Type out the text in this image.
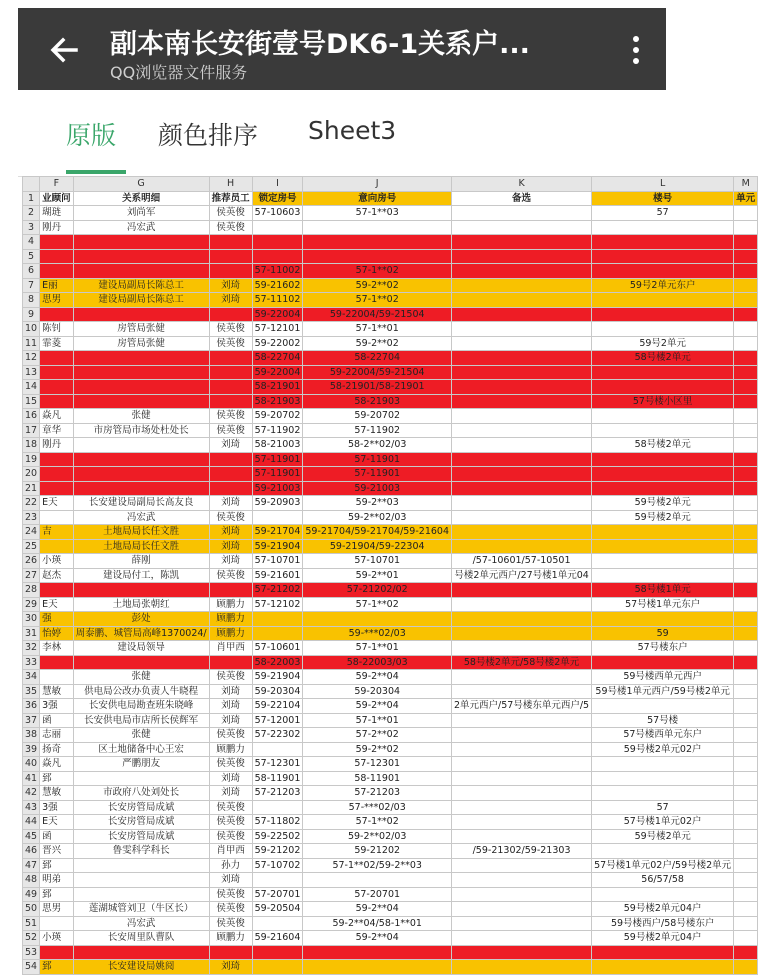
副本南长安街壹号DK6-1关系户...
QQ浏览器文件服务
原版 颜色排序 Sheet3
	F	G	H	I	J	K	L	M
1	业顾问	关系明细	推荐员工	锁定房号	意向房号	备选	楼号	单元
2	瑚琏	刘尚军	侯英俊	57-10603	57-1**03		57	
3	刚丹	冯宏武	侯英俊					
4								
5								
6				57-11002	57-1**02			
7	E丽	建设局副局长陈总工	刘琦	59-21602	59-2**02		59号2单元东户	
8	思男	建设局副局长陈总工	刘琦	57-11102	57-1**02			
9				59-22004	59-22004/59-21504			
10	陈钊	房管局张健	侯英俊	57-12101	57-1**01			
11	霏菱	房管局张健	侯英俊	59-22002	59-2**02		59号2单元	
12				58-22704	58-22704		58号楼2单元	
13				59-22004	59-22004/59-21504			
14				58-21901	58-21901/58-21901			
15				58-21903	58-21903		57号楼小区里	
16	焱凡	张健	侯英俊	59-20702	59-20702			
17	章华	市房管局市场处杜处长	侯英俊	57-11902	57-11902			
18	刚丹		刘琦	58-21003	58-2**02/03		58号楼2单元	
19				57-11901	57-11901			
20				57-11901	57-11901			
21				59-21003	59-21003			
22	E天	长安建设局副局长高友良	刘琦	59-20903	59-2**03		59号楼2单元	
23		冯宏武	侯英俊		59-2**02/03		59号楼2单元	
24	吉	土地局局长任文胜	刘琦	59-21704	59-21704/59-21704/59-21604			
25		土地局局长任文胜	刘琦	59-21904	59-21904/59-22304			
26	小瑛	薛刚	刘琦	57-10701	57-10701	/57-10601/57-10501		
27	赵杰	建设局付工，陈凯	侯英俊	59-21601	59-2**01	号楼2单元西户/27号楼1单元04		
28				57-21202	57-21202/02		58号楼1单元	
29	E天	土地局张朝红	顾鹏力	57-12102	57-1**02		57号楼1单元东户	
30	强	彭处	顾鹏力					
31	怡婷	周泰鹏、城管局高峰1370024/	顾鹏力		59-***02/03		59	
32	李林	建设局领导	肖甲西	57-10601	57-1**01		57号楼东户	
33				58-22003	58-22003/03	58号楼2单元/58号楼2单元		
34		张健	侯英俊	59-21904	59-2**04		59号楼西单元西户	
35	慧敏	供电局公改办负责人牛晓程	刘琦	59-20304	59-20304		59号楼1单元西户/59号楼2单元	
36	3强	长安供电局勘查班朱晓峰	刘琦	59-22104	59-2**04	2单元西户/57号楼东单元西户/5		
37	函	长安供电局市店所长侯辉军	刘琦	57-12001	57-1**01		57号楼	
38	志丽	张健	侯英俊	57-22302	57-2**02		57号楼西单元东户	
39	扬奇	区土地储备中心王宏	顾鹏力		59-2**02		59号楼2单元02户	
40	焱凡	严鹏朋友	侯英俊	57-12301	57-12301			
41	郅		刘琦	58-11901	58-11901			
42	慧敏	市政府八处刘处长	刘琦	57-21203	57-21203			
43	3强	长安房管局成斌	侯英俊		57-***02/03		57	
44	E天	长安房管局成斌	侯英俊	57-11802	57-1**02		57号楼1单元02户	
45	函	长安房管局成斌	侯英俊	59-22502	59-2**02/03		59号楼2单元	
46	晋兴	鲁雯科学科长	肖甲西	59-21202	59-21202	/59-21302/59-21303		
47	郅		孙力	57-10702	57-1**02/59-2**03		57号楼1单元02户/59号楼2单元	
48	明弟		刘琦				56/57/58	
49	郅		侯英俊	57-20701	57-20701			
50	思男	莲湖城管刘卫（牛区长）	侯英俊	59-20504	59-2**04		59号楼2单元04户	
51		冯宏武	侯英俊		59-2**04/58-1**01		59号楼西户/58号楼东户	
52	小瑛	长安周里队曹队	顾鹏力	59-21604	59-2**04		59号楼2单元04户	
53								
54	郅	长安建设局姚阅	刘琦					
